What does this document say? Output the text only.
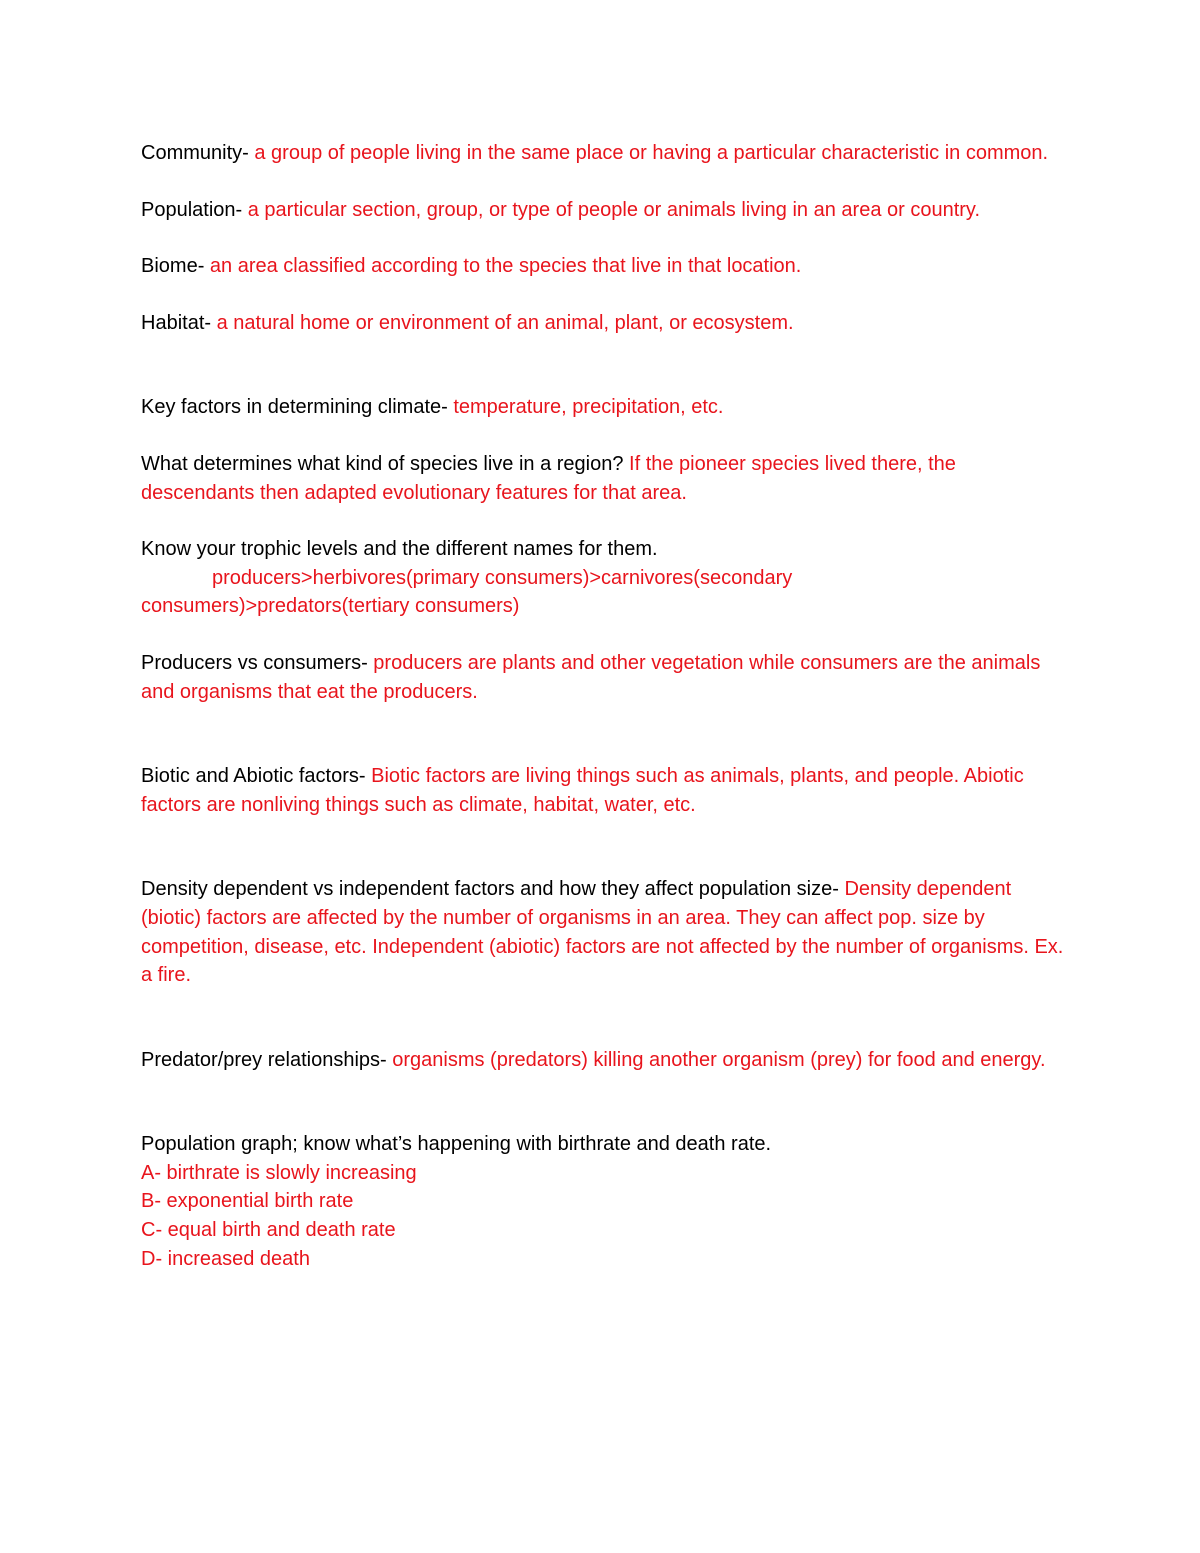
Community- a group of people living in the same place or having a particular characteristic in common.

Population- a particular section, group, or type of people or animals living in an area or country.

Biome- an area classified according to the species that live in that location.

Habitat- a natural home or environment of an animal, plant, or ecosystem.

Key factors in determining climate- temperature, precipitation, etc.

What determines what kind of species live in a region? If the pioneer species lived there, the descendants then adapted evolutionary features for that area.

Know your trophic levels and the different names for them.

producers>herbivores(primary consumers)>carnivores(secondary

consumers)>predators(tertiary consumers)

Producers vs consumers- producers are plants and other vegetation while consumers are the animals and organisms that eat the producers.

Biotic and Abiotic factors- Biotic factors are living things such as animals, plants, and people. Abiotic factors are nonliving things such as climate, habitat, water, etc.

Density dependent vs independent factors and how they affect population size- Density dependent (biotic) factors are affected by the number of organisms in an area. They can affect pop. size by competition, disease, etc. Independent (abiotic) factors are not affected by the number of organisms. Ex. a fire.

Predator/prey relationships- organisms (predators) killing another organism (prey) for food and energy.

Population graph; know what’s happening with birthrate and death rate.

A- birthrate is slowly increasing

B- exponential birth rate

C- equal birth and death rate

D- increased death
